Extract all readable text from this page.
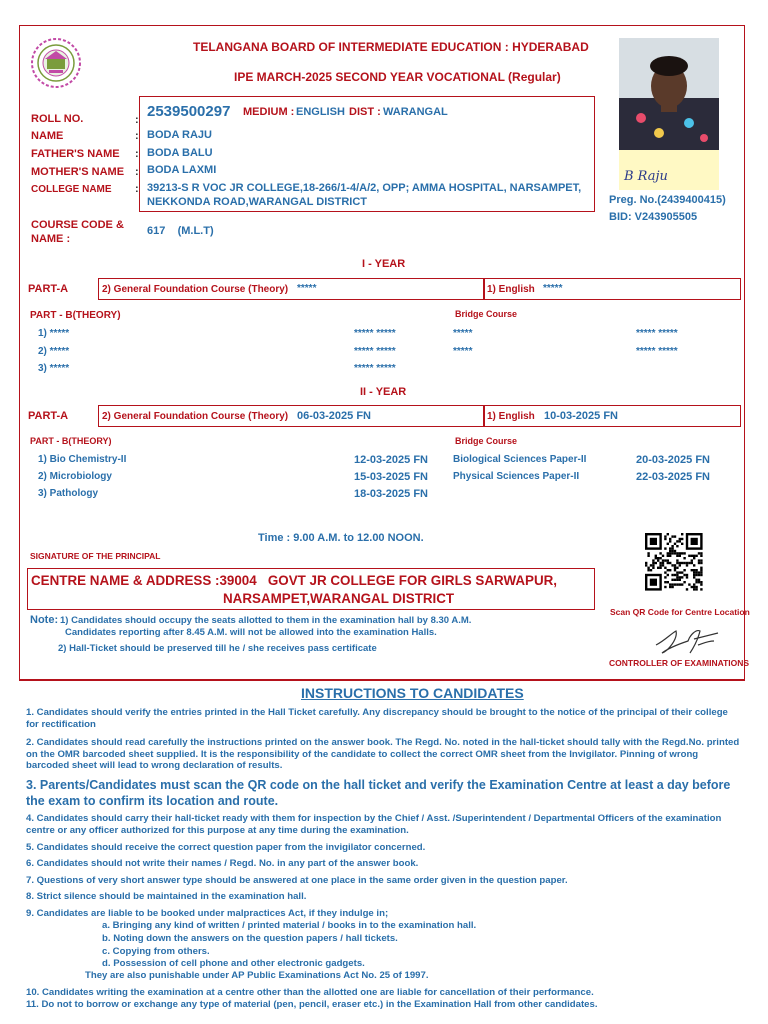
TELANGANA BOARD OF INTERMEDIATE EDUCATION : HYDERABAD
IPE MARCH-2025 SECOND YEAR VOCATIONAL (Regular)
B Raju
Preg. No.(2439400415)
BID: V243905505
2539500297 MEDIUM : ENGLISH DIST : WARANGAL
ROLL NO.	:
NAME	: BODA RAJU
FATHER'S NAME : BODA BALU
MOTHER'S NAME : BODA LAXMI
COLLEGE NAME : 39213-S R VOC JR COLLEGE,18-266/1-4/A/2, OPP; AMMA HOSPITAL, NARSAMPET,
NEKKONDA ROAD,WARANGAL DISTRICT
COURSE CODE &
NAME :
617    (M.L.T)
I - YEAR
PART-A	2) General Foundation Course (Theory) *****	1) English *****
PART - B(THEORY)	Bridge Course
1) *****	***** *****	*****	***** *****
2) *****	***** *****	*****	***** *****
3) *****	***** *****
II - YEAR
PART-A	2) General Foundation Course (Theory) 06-03-2025 FN	1) English 10-03-2025 FN
PART - B(THEORY)	Bridge Course
1) Bio Chemistry-II	12-03-2025 FN	Biological Sciences Paper-II	20-03-2025 FN
2) Microbiology	15-03-2025 FN	Physical Sciences Paper-II	22-03-2025 FN
3) Pathology	18-03-2025 FN
Time : 9.00 A.M. to 12.00 NOON.
SIGNATURE OF THE PRINCIPAL
CENTRE NAME & ADDRESS :39004   GOVT JR COLLEGE FOR GIRLS SARWAPUR,
NARSAMPET,WARANGAL DISTRICT
Scan QR Code for Centre Location
Note: 1) Candidates should occupy the seats allotted to them in the examination hall by 8.30 A.M.
Candidates reporting after 8.45 A.M. will not be allowed into the examination Halls.
2) Hall-Ticket should be preserved till he / she receives pass certificate
CONTROLLER OF EXAMINATIONS
INSTRUCTIONS TO CANDIDATES
1. Candidates should verify the entries printed in the Hall Ticket carefully. Any discrepancy should be brought to the notice of the principal of their college for rectification
2. Candidates should read carefully the instructions printed on the answer book. The Regd. No. noted in the hall-ticket should tally with the Regd.No. printed on the OMR barcoded sheet supplied. It is the responsibility of the candidate to collect the correct OMR sheet from the Invigilator. Pinning of wrong barcoded sheet will lead to wrong declaration of results.
3. Parents/Candidates must scan the QR code on the hall ticket and verify the Examination Centre at least a day before the exam to confirm its location and route.
4. Candidates should carry their hall-ticket ready with them for inspection by the Chief / Asst. /Superintendent / Departmental Officers of the examination centre or any officer authorized for this purpose at any time during the examination.
5. Candidates should receive the correct question paper from the invigilator concerned.
6. Candidates should not write their names / Regd. No. in any part of the answer book.
7. Questions of very short answer type should be answered at one place in the same order given in the question paper.
8. Strict silence should be maintained in the examination hall.
9. Candidates are liable to be booked under malpractices Act, if they indulge in;
a. Bringing any kind of written / printed material / books in to the examination hall.
b. Noting down the answers on the question papers / hall tickets.
c. Copying from others.
d. Possession of cell phone and other electronic gadgets.
They are also punishable under AP Public Examinations Act No. 25 of 1997.
10. Candidates writing the examination at a centre other than the allotted one are liable for cancellation of their performance.
11. Do not to borrow or exchange any type of material (pen, pencil, eraser etc.) in the Examination Hall from other candidates.
